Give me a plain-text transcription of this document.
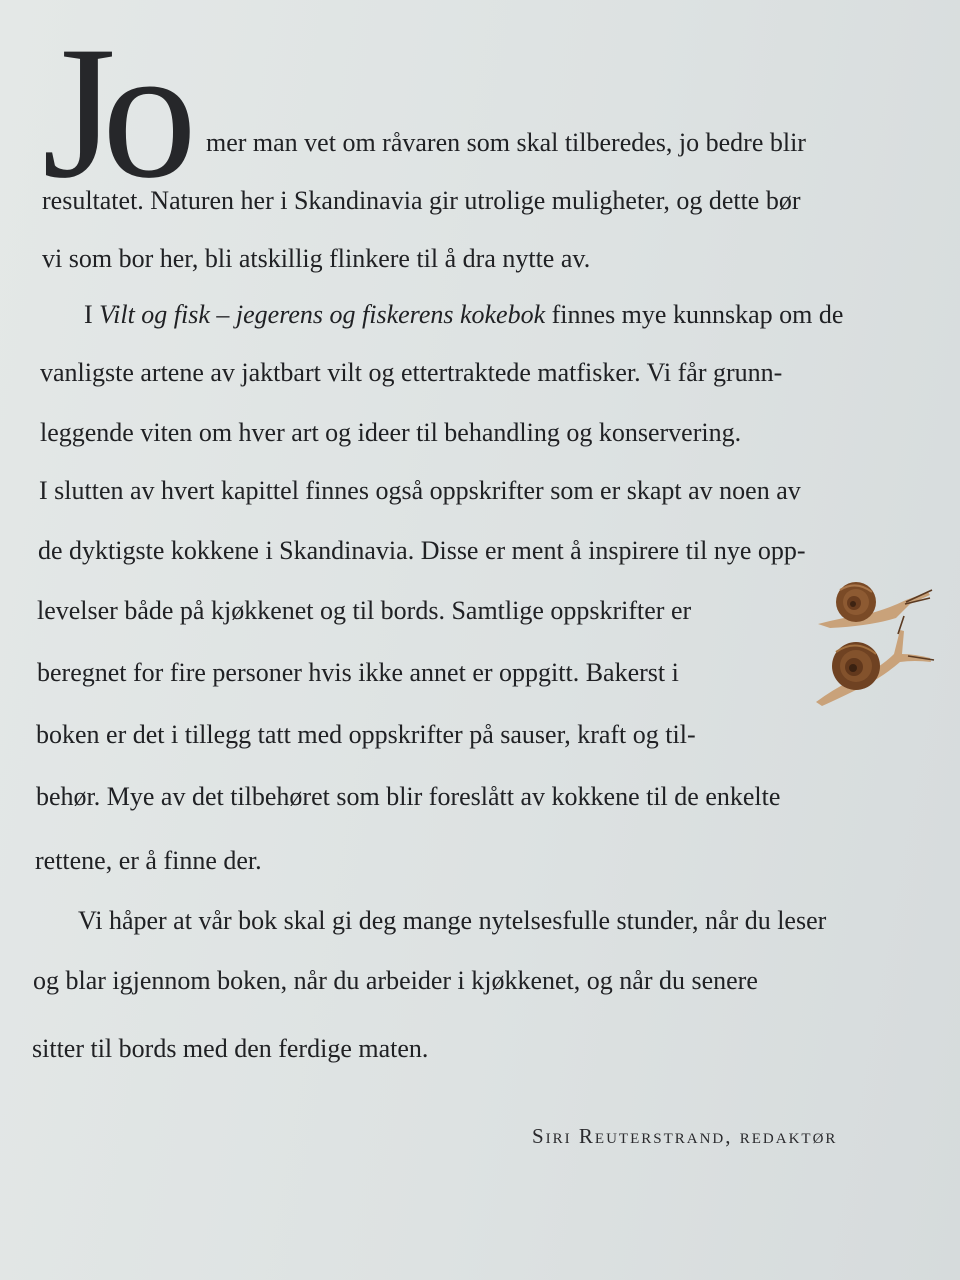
Jo mer man vet om råvaren som skal tilberedes, jo bedre blir
resultatet. Naturen her i Skandinavia gir utrolige muligheter, og dette bør
vi som bor her, bli atskillig flinkere til å dra nytte av.
I Vilt og fisk – jegerens og fiskerens kokebok finnes mye kunnskap om de
vanligste artene av jaktbart vilt og ettertraktede matfisker. Vi får grunn-
leggende viten om hver art og ideer til behandling og konservering.
I slutten av hvert kapittel finnes også oppskrifter som er skapt av noen av
de dyktigste kokkene i Skandinavia. Disse er ment å inspirere til nye opp-
levelser både på kjøkkenet og til bords. Samtlige oppskrifter er
beregnet for fire personer hvis ikke annet er oppgitt. Bakerst i
boken er det i tillegg tatt med oppskrifter på sauser, kraft og til-
behør. Mye av det tilbehøret som blir foreslått av kokkene til de enkelte
rettene, er å finne der.
Vi håper at vår bok skal gi deg mange nytelsesfulle stunder, når du leser
og blar igjennom boken, når du arbeider i kjøkkenet, og når du senere
sitter til bords med den ferdige maten.
Siri Reuterstrand, redaktør
